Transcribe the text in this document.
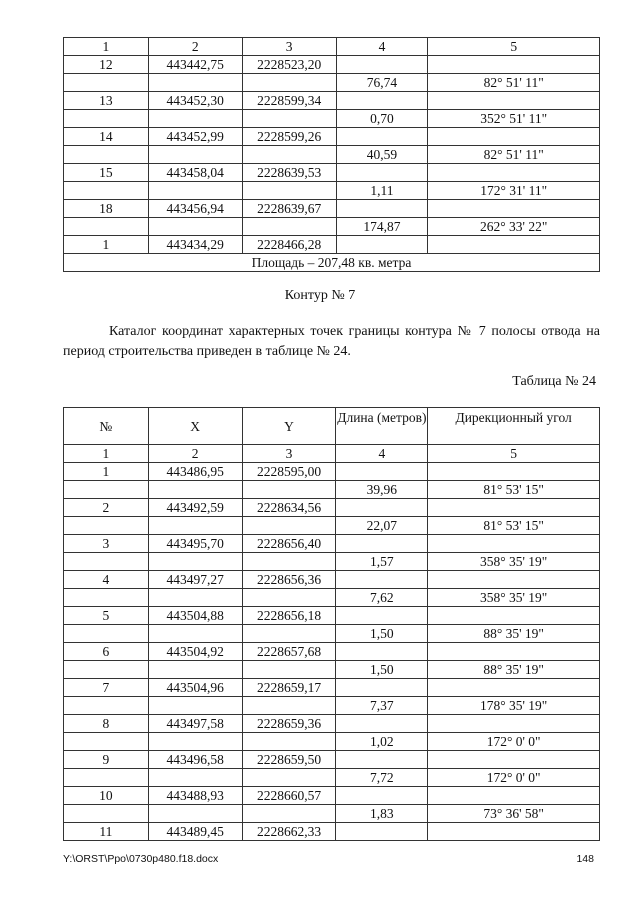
1	2	3	4	5
12	443442,75	2228523,20		
			76,74	82° 51' 11"
13	443452,30	2228599,34		
			0,70	352° 51' 11"
14	443452,99	2228599,26		
			40,59	82° 51' 11"
15	443458,04	2228639,53		
			1,11	172° 31' 11"
18	443456,94	2228639,67		
			174,87	262° 33' 22"
1	443434,29	2228466,28		
Площадь – 207,48 кв. метра				
Контур № 7
Каталог координат характерных точек границы контура № 7 полосы отвода на период строительства приведен в таблице № 24.
Таблица № 24
№	X	Y	Длина (метров)	Дирекционный угол
1	2	3	4	5
1	443486,95	2228595,00		
			39,96	81° 53' 15"
2	443492,59	2228634,56		
			22,07	81° 53' 15"
3	443495,70	2228656,40		
			1,57	358° 35' 19"
4	443497,27	2228656,36		
			7,62	358° 35' 19"
5	443504,88	2228656,18		
			1,50	88° 35' 19"
6	443504,92	2228657,68		
			1,50	88° 35' 19"
7	443504,96	2228659,17		
			7,37	178° 35' 19"
8	443497,58	2228659,36		
			1,02	172° 0' 0"
9	443496,58	2228659,50		
			7,72	172° 0' 0"
10	443488,93	2228660,57		
			1,83	73° 36' 58"
11	443489,45	2228662,33		
Y:\ORST\Ppo\0730p480.f18.docx	148
